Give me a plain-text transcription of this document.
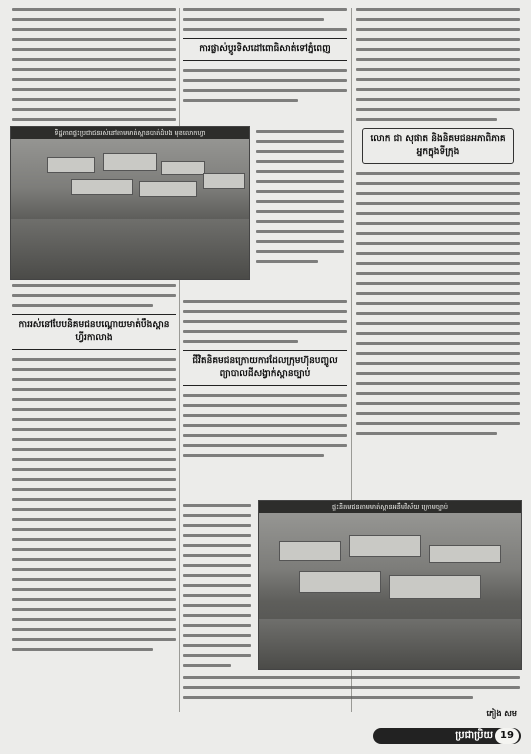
ការផ្លាស់ប្តូរទិសដៅពោធិសាត់ទៅភ្នំពេញ
លោក ជា សុផាត និងនិគមជនអភាពិភាគអ្នកក្នុងទីក្រុង
ទិដ្ឋភាពផ្ទះប្រជាជនរស់នៅតាមមាត់ស្ពានបាត់ដំបង មុខលោកហ្វា
ការរស់នៅបែបនិគមជនបណ្ដោយមាត់បឹងស្ពានហ្វីរកាលាង
ជីវិតនិគមជនក្រោយការដែលក្រុមហ៊ុនបញ្ចូលព្យាបាលដីសង្វាក់ស្ពានច្បាប់
ផ្ទះនិគមជនតាមមាត់ស្ពានអនឹមវិស័យ ក្រោមច្បាប់
ភៀង សម
ប្រជាប្រិយ 19
